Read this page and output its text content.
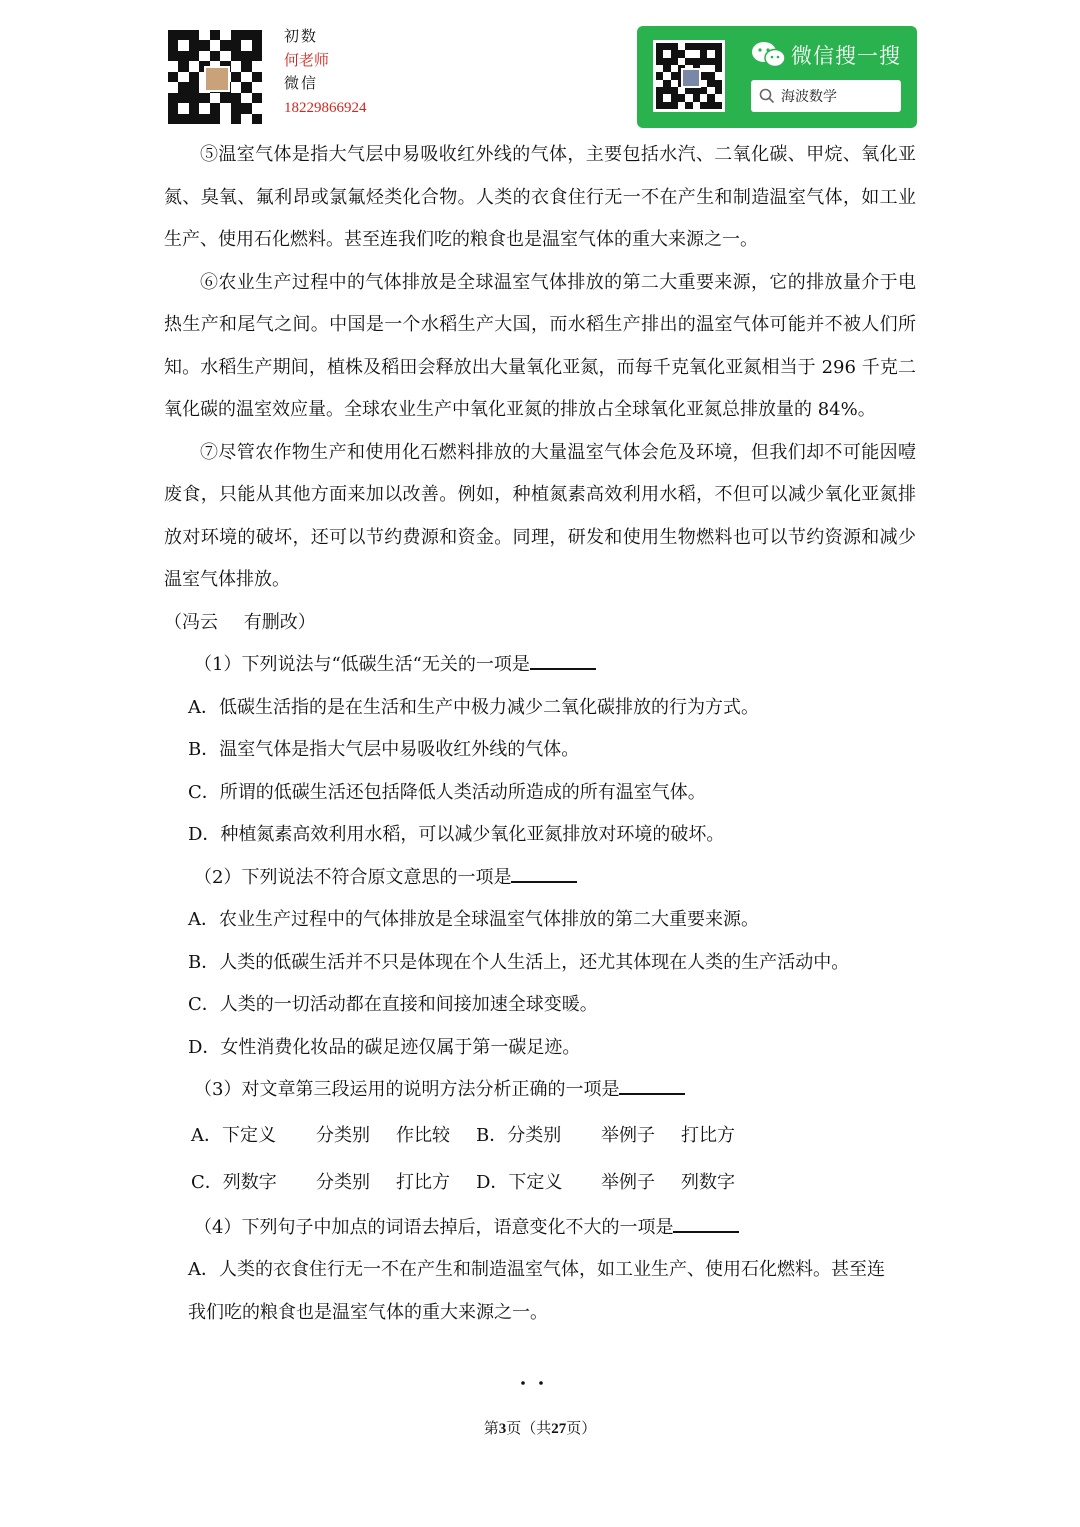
初数
何老师
微信
18229866924
微信搜一搜
海波数学

⑤温室气体是指大气层中易吸收红外线的气体，主要包括水汽、二氧化碳、甲烷、氧化亚氮、臭氧、氟利昂或氯氟烃类化合物。人类的衣食住行无一不在产生和制造温室气体，如工业生产、使用石化燃料。甚至连我们吃的粮食也是温室气体的重大来源之一。

⑥农业生产过程中的气体排放是全球温室气体排放的第二大重要来源，它的排放量介于电热生产和尾气之间。中国是一个水稻生产大国，而水稻生产排出的温室气体可能并不被人们所知。水稻生产期间，植株及稻田会释放出大量氧化亚氮，而每千克氧化亚氮相当于 296 千克二氧化碳的温室效应量。全球农业生产中氧化亚氮的排放占全球氧化亚氮总排放量的 84%。

⑦尽管农作物生产和使用化石燃料排放的大量温室气体会危及环境，但我们却不可能因噎废食，只能从其他方面来加以改善。例如，种植氮素高效利用水稻，不但可以减少氧化亚氮排放对环境的破坏，还可以节约费源和资金。同理，研发和使用生物燃料也可以节约资源和减少温室气体排放。

（冯云 有删改）

（1）下列说法与“低碳生活“无关的一项是

A．低碳生活指的是在生活和生产中极力减少二氧化碳排放的行为方式。

B．温室气体是指大气层中易吸收红外线的气体。

C．所谓的低碳生活还包括降低人类活动所造成的所有温室气体。

D．种植氮素高效利用水稻，可以减少氧化亚氮排放对环境的破坏。

（2）下列说法不符合原文意思的一项是

A．农业生产过程中的气体排放是全球温室气体排放的第二大重要来源。

B．人类的低碳生活并不只是体现在个人生活上，还尤其体现在人类的生产活动中。

C．人类的一切活动都在直接和间接加速全球变暖。

D．女性消费化妆品的碳足迹仅属于第一碳足迹。

（3）对文章第三段运用的说明方法分析正确的一项是

A．下定义	分类别	作比较	B．分类别	举例子	打比方
C．列数字	分类别	打比方	D．下定义	举例子	列数字

（4）下列句子中加点的词语去掉后，语意变化不大的一项是

A．人类的衣食住行无一不在产生和制造温室气体，如工业生产、使用石化燃料。甚至连

我们吃的粮食也是温室气体的重大来源之一。

第3页（共27页）
